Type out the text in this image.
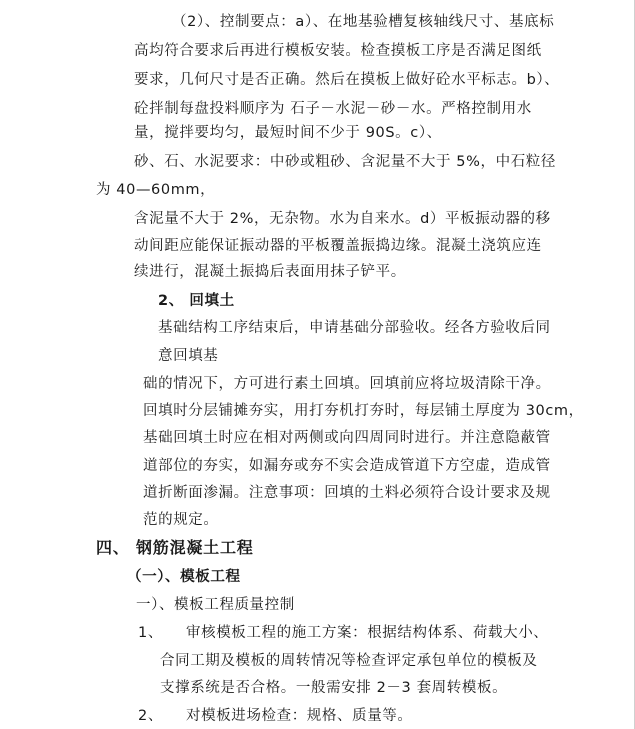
（2）、控制要点：a）、在地基验槽复核轴线尺寸、基底标
高均符合要求后再进行模板安装。检查摸板工序是否满足图纸
要求，几何尺寸是否正确。然后在摸板上做好砼水平标志。b）、
砼拌制每盘投料顺序为 石子－水泥－砂－水。严格控制用水
量，搅拌要均匀，最短时间不少于 90S。c）、
砂、石、水泥要求：中砂或粗砂、含泥量不大于 5%，中石粒径
为 40—60mm，
含泥量不大于 2%，无杂物。水为自来水。d）平板振动器的移
动间距应能保证振动器的平板覆盖振捣边缘。混凝土浇筑应连
续进行，混凝土振捣后表面用抹子铲平。
2、 回填土
基础结构工序结束后，申请基础分部验收。经各方验收后同
意回填基
础的情况下，方可进行素土回填。回填前应将垃圾清除干净。
回填时分层铺摊夯实，用打夯机打夯时，每层铺土厚度为 30cm，
基础回填土时应在相对两侧或向四周同时进行。并注意隐蔽管
道部位的夯实，如漏夯或夯不实会造成管道下方空虚，造成管
道折断面渗漏。注意事项：回填的土料必须符合设计要求及规
范的规定。
四、 钢筋混凝土工程
（一）、模板工程
一）、模板工程质量控制
1、 审核模板工程的施工方案：根据结构体系、荷载大小、
合同工期及模板的周转情况等检查评定承包单位的模板及
支撑系统是否合格。一般需安排 2－3 套周转模板。
2、 对模板进场检查：规格、质量等。
